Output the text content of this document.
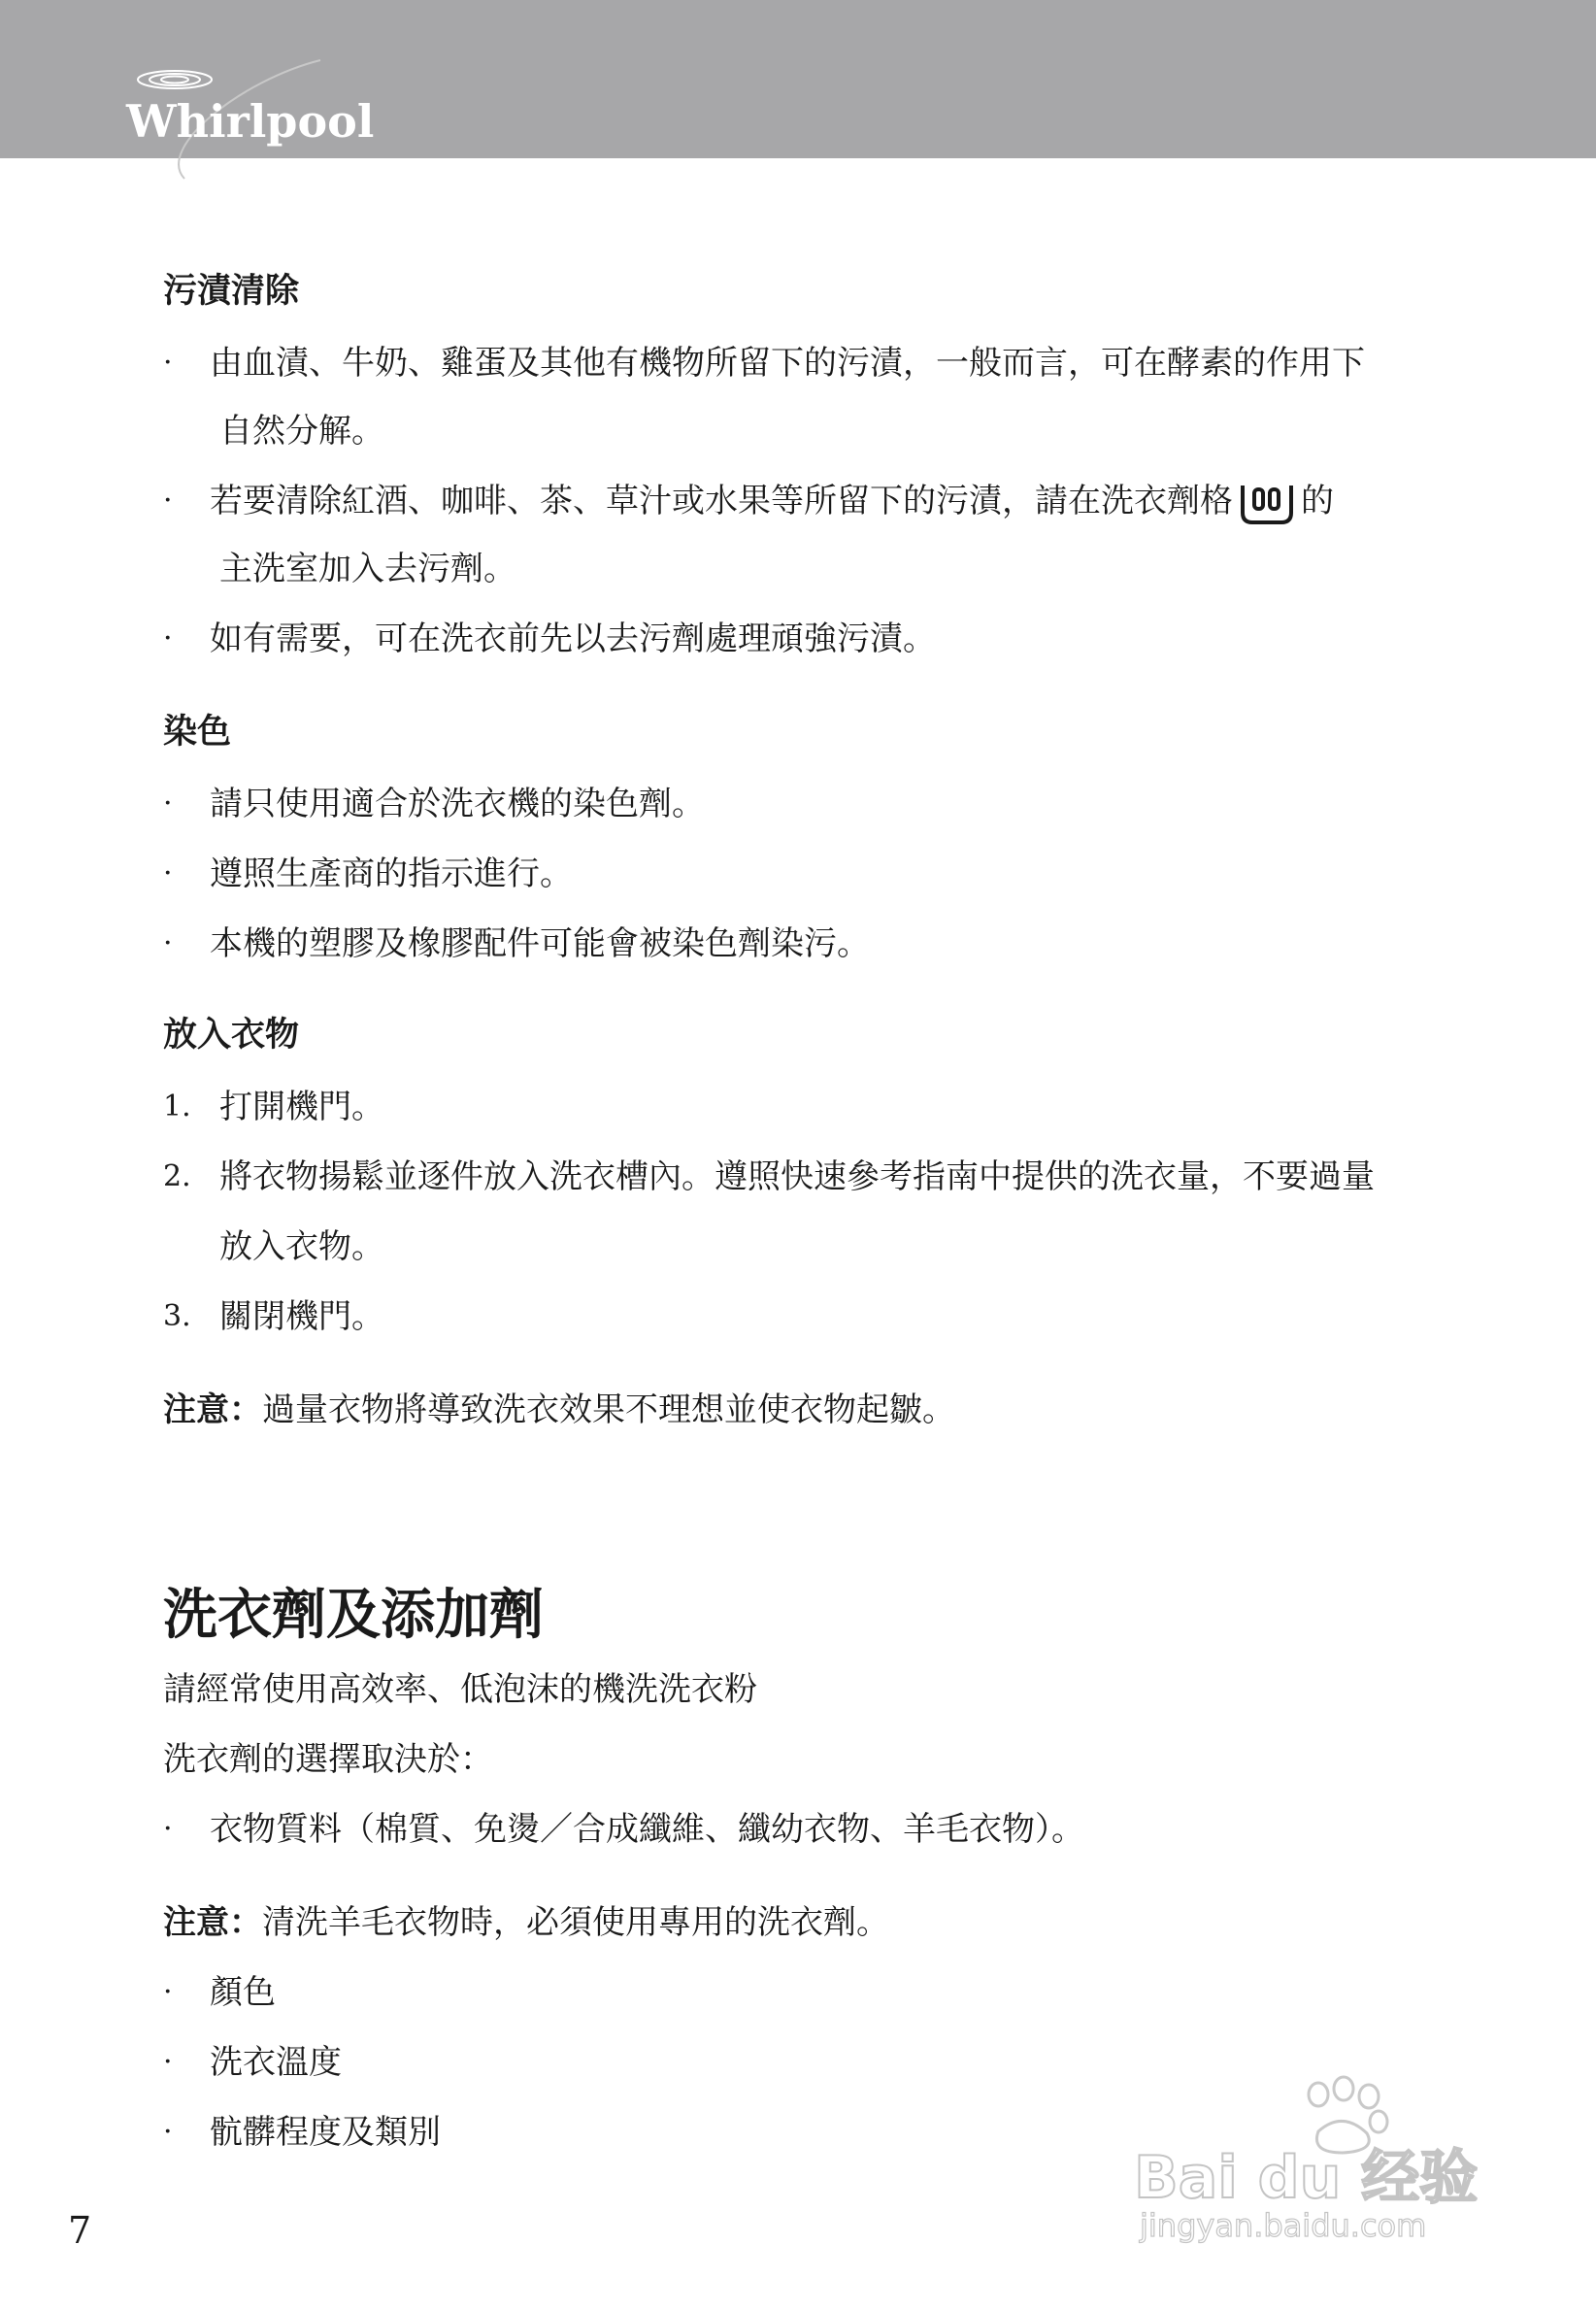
Whirlpool
污漬清除
· 由血漬、牛奶、雞蛋及其他有機物所留下的污漬，一般而言，可在酵素的作用下
自然分解。
· 若要清除紅酒、咖啡、茶、草汁或水果等所留下的污漬，請在洗衣劑格 的
主洗室加入去污劑。
· 如有需要，可在洗衣前先以去污劑處理頑強污漬。
染色
· 請只使用適合於洗衣機的染色劑。
· 遵照生產商的指示進行。
· 本機的塑膠及橡膠配件可能會被染色劑染污。
放入衣物
1. 打開機門。
2. 將衣物揚鬆並逐件放入洗衣槽內。遵照快速參考指南中提供的洗衣量，不要過量
放入衣物。
3. 關閉機門。
注意：過量衣物將導致洗衣效果不理想並使衣物起皺。
洗衣劑及添加劑
請經常使用高效率、低泡沫的機洗洗衣粉
洗衣劑的選擇取決於：
· 衣物質料（棉質、免燙／合成纖維、纖幼衣物、羊毛衣物）。
注意：清洗羊毛衣物時，必須使用專用的洗衣劑。
· 顏色
· 洗衣溫度
· 骯髒程度及類別
7
Bai du 经验
jingyan.baidu.com
